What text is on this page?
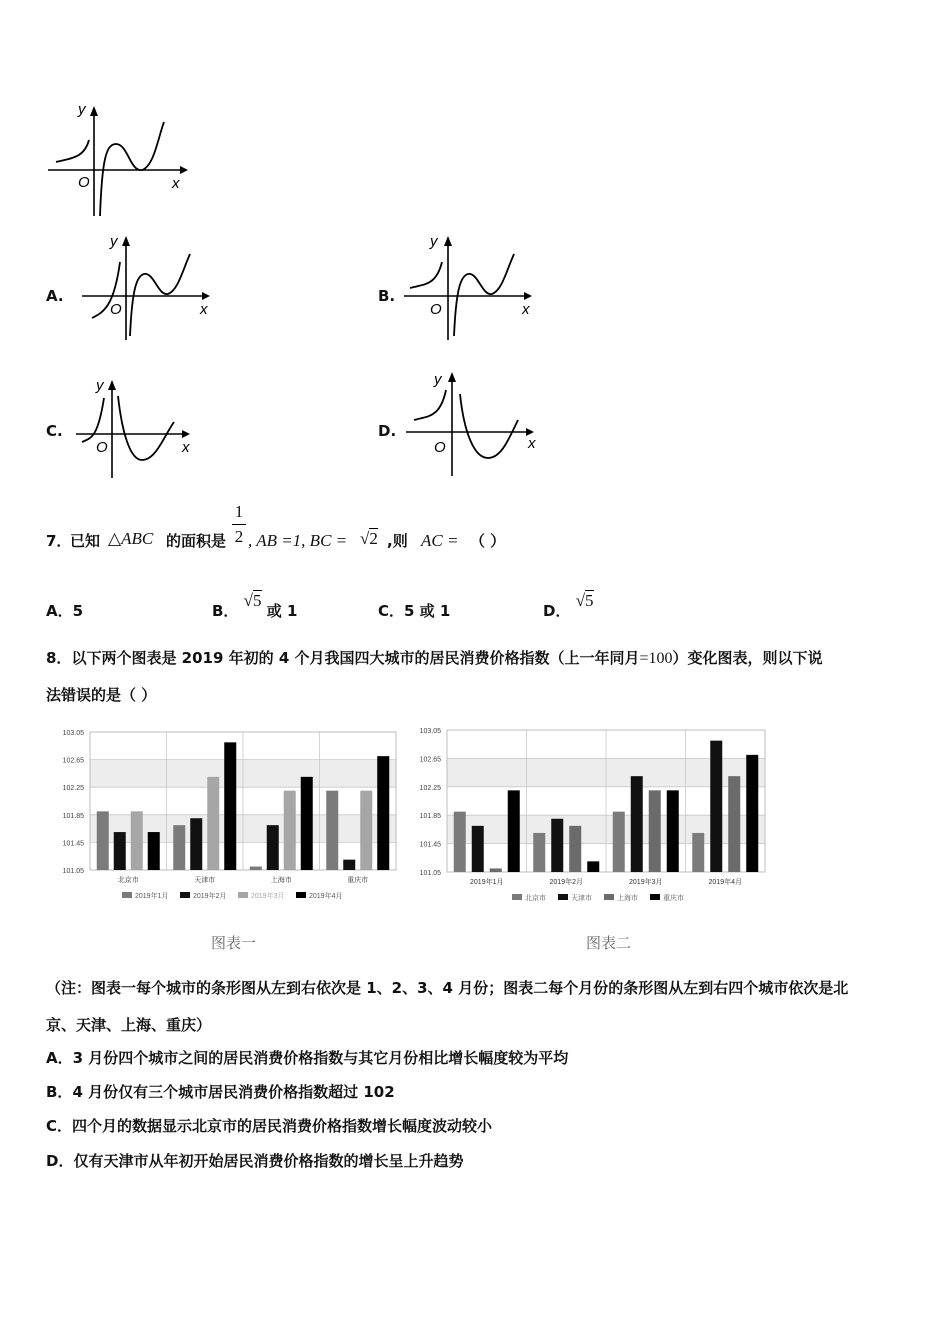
y
O	x
A.
y
O	x
B.
y
O	x
C.
y
O	x
D.
y
O	x
7．
已知 △ABC 的面积是
1
2 , AB =1, BC = √2 ,则 AC = （ ）
A．5	B． √5 或 1	C．5 或 1	D． √5
8．以下两个图表是 2019 年初的 4 个月我国四大城市的居民消费价格指数（上一年同月=100）变化图表，则以下说
法错误的是（ ）
101.05
101.45
101.85
102.25
102.65
103.05
北京市	天津市	上海市	重庆市
2019年1月	2019年2月	2019年3月	2019年4月
图表一
101.05
101.45
101.85
102.25
102.65
103.05
2019年1月	2019年2月	2019年3月	2019年4月
北京市	天津市	上海市	重庆市
图表二
（注：图表一每个城市的条形图从左到右依次是 1、2、3、4 月份；图表二每个月份的条形图从左到右四个城市依次是北
京、天津、上海、重庆）
A．3 月份四个城市之间的居民消费价格指数与其它月份相比增长幅度较为平均
B．4 月份仅有三个城市居民消费价格指数超过 102
C．四个月的数据显示北京市的居民消费价格指数增长幅度波动较小
D．仅有天津市从年初开始居民消费价格指数的增长呈上升趋势
